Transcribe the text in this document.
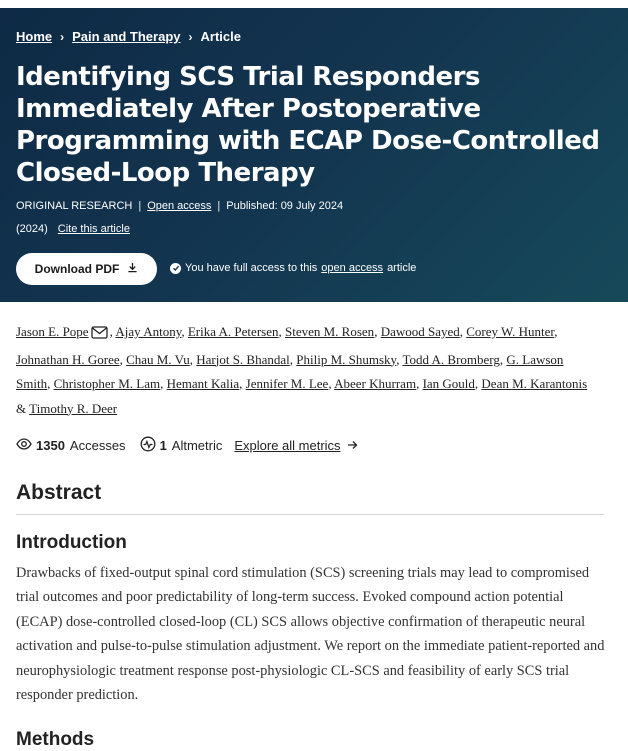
Home › Pain and Therapy › Article
Identifying SCS Trial Responders Immediately After Postoperative Programming with ECAP Dose-Controlled Closed-Loop Therapy
ORIGINAL RESEARCH | Open access | Published: 09 July 2024
(2024) Cite this article
Download PDF	You have full access to this open access article
Jason E. Pope , Ajay Antony, Erika A. Petersen, Steven M. Rosen, Dawood Sayed, Corey W. Hunter, Johnathan H. Goree, Chau M. Vu, Harjot S. Bhandal, Philip M. Shumsky, Todd A. Bromberg, G. Lawson Smith, Christopher M. Lam, Hemant Kalia, Jennifer M. Lee, Abeer Khurram, Ian Gould, Dean M. Karantonis & Timothy R. Deer
1350 Accesses	1 Altmetric Explore all metrics
Abstract
Introduction

Drawbacks of fixed-output spinal cord stimulation (SCS) screening trials may lead to compromised trial outcomes and poor predictability of long-term success. Evoked compound action potential (ECAP) dose-controlled closed-loop (CL) SCS allows objective confirmation of therapeutic neural activation and pulse-to-pulse stimulation adjustment. We report on the immediate patient-reported and neurophysiologic treatment response post-physiologic CL-SCS and feasibility of early SCS trial responder prediction.

Methods
